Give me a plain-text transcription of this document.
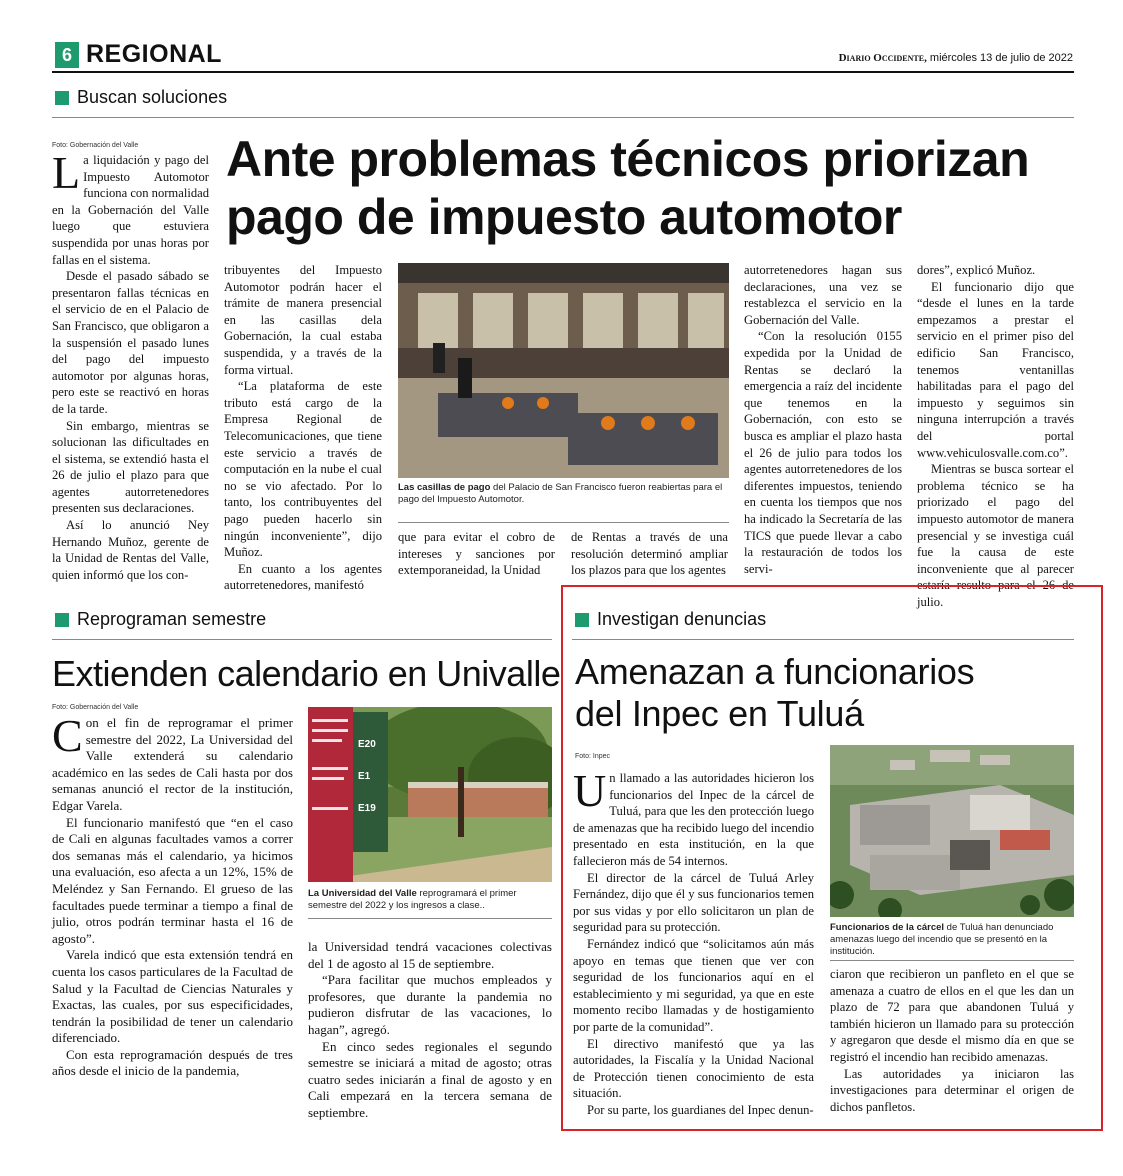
6 REGIONAL	Diario Occidente, miércoles 13 de julio de 2022
Buscan soluciones
Foto: Gobernación del Valle Ante problemas técnicos priorizan
pago de impuesto automotor

La liquidación y pago del Impuesto Automotor funciona con normalidad en la Gobernación del Valle luego que estuviera suspendida por unas horas por fallas en el sistema.

Desde el pasado sábado se presentaron fallas técnicas en el servicio de en el Palacio de San Francisco, que obligaron a la suspensión el pasado lunes del pago del impuesto automotor por algunas horas, pero este se reactivó en horas de la tarde.

Sin embargo, mientras se solucionan las dificultades en el sistema, se extendió hasta el 26 de julio el plazo para que agentes autorretenedores presenten sus declaraciones.

Así lo anunció Ney Hernando Muñoz, gerente de la Unidad de Rentas del Valle, quien informó que los con-

tribuyentes del Impuesto Automotor podrán hacer el trámite de manera presencial en las casillas dela Gobernación, la cual estaba suspendida, y a través de la forma virtual.

“La plataforma de este tributo está cargo de la Empresa Regional de Telecomunicaciones, que tiene este servicio a través de computación en la nube el cual no se vio afectado. Por lo tanto, los contribuyentes del pago pueden hacerlo sin ningún inconveniente”, dijo Muñoz.

En cuanto a los agentes autorretenedores, manifestó

Las casillas de pago del Palacio de San Francisco fueron reabiertas para el pago del Impuesto Automotor.

que para evitar el cobro de intereses y sanciones por extemporaneidad, la Unidad

de Rentas a través de una resolución determinó ampliar los plazos para que los agentes

autorretenedores hagan sus declaraciones, una vez se restablezca el servicio en la Gobernación del Valle.

“Con la resolución 0155 expedida por la Unidad de Rentas se declaró la emergencia a raíz del incidente que tenemos en la Gobernación, con esto se busca es ampliar el plazo hasta el 26 de julio para todos los agentes autorretenedores de los diferentes impuestos, teniendo en cuenta los tiempos que nos ha indicado la Secretaría de las TICS que puede llevar a cabo la restauración de todos los servi-

dores”, explicó Muñoz.

El funcionario dijo que “desde el lunes en la tarde empezamos a prestar el servicio en el primer piso del edificio San Francisco, tenemos ventanillas habilitadas para el pago del impuesto y seguimos sin ninguna interrupción a través del portal www.vehiculosvalle.com.co”.

Mientras se busca sortear el problema técnico se ha priorizado el pago del impuesto automotor de manera presencial y se investiga cuál fue la causa de este inconveniente que al parecer estaría resulto para el 26 de julio.

Reprograman semestre
Extienden calendario en Univalle
Foto: Gobernación del Valle

Con el fin de reprogramar el primer semestre del 2022, La Universidad del Valle extenderá su calendario académico en las sedes de Cali hasta por dos semanas anunció el rector de la institución, Edgar Varela.

El funcionario manifestó que “en el caso de Cali en algunas facultades vamos a correr dos semanas más el calendario, ya hicimos una evaluación, eso afecta a un 12%, 15% de Meléndez y San Fernando. El grueso de las facultades puede terminar a tiempo a final de julio, otros podrán terminar hasta el 16 de agosto”.

Varela indicó que esta extensión tendrá en cuenta los casos particulares de la Facultad de Salud y la Facultad de Ciencias Naturales y Exactas, las cuales, por sus especificidades, tendrán la posibilidad de tener un calendario diferenciado.

Con esta reprogramación después de tres años desde el inicio de la pandemia,

E20
E1
E19
La Universidad del Valle reprogramará el primer semestre del 2022 y los ingresos a clase..

la Universidad tendrá vacaciones colectivas del 1 de agosto al 15 de septiembre.

“Para facilitar que muchos empleados y profesores, que durante la pandemia no pudieron disfrutar de las vacaciones, lo hagan”, agregó.

En cinco sedes regionales el segundo semestre se iniciará a mitad de agosto; otras cuatro sedes iniciarán a final de agosto y en Cali empezará en la tercera semana de septiembre.

Investigan denuncias
Amenazan a funcionarios
del Inpec en Tuluá
Foto: Inpec

Un llamado a las autoridades hicieron los funcionarios del Inpec de la cárcel de Tuluá, para que les den protección luego de amenazas que ha recibido luego del incendio presentado en esta institución, en la que fallecieron más de 54 internos.

El director de la cárcel de Tuluá Arley Fernández, dijo que él y sus funcionarios temen por sus vidas y por ello solicitaron un plan de seguridad para su protección.

Fernández indicó que “solicitamos aún más apoyo en temas que tienen que ver con seguridad de los funcionarios aquí en el establecimiento y mi seguridad, ya que en este momento recibo llamadas y de hostigamiento por parte de la comunidad”.

El directivo manifestó que ya las autoridades, la Fiscalía y la Unidad Nacional de Protección tienen conocimiento de esta situación.

Por su parte, los guardianes del Inpec denun-

Funcionarios de la cárcel de Tuluá han denunciado amenazas luego del incendio que se presentó en la institución.

ciaron que recibieron un panfleto en el que se amenaza a cuatro de ellos en el que les dan un plazo de 72 para que abandonen Tuluá y también hicieron un llamado para su protección y agregaron que desde el mismo día en que se registró el incendio han recibido amenazas.

Las autoridades ya iniciaron las investigaciones para determinar el origen de dichos panfletos.
